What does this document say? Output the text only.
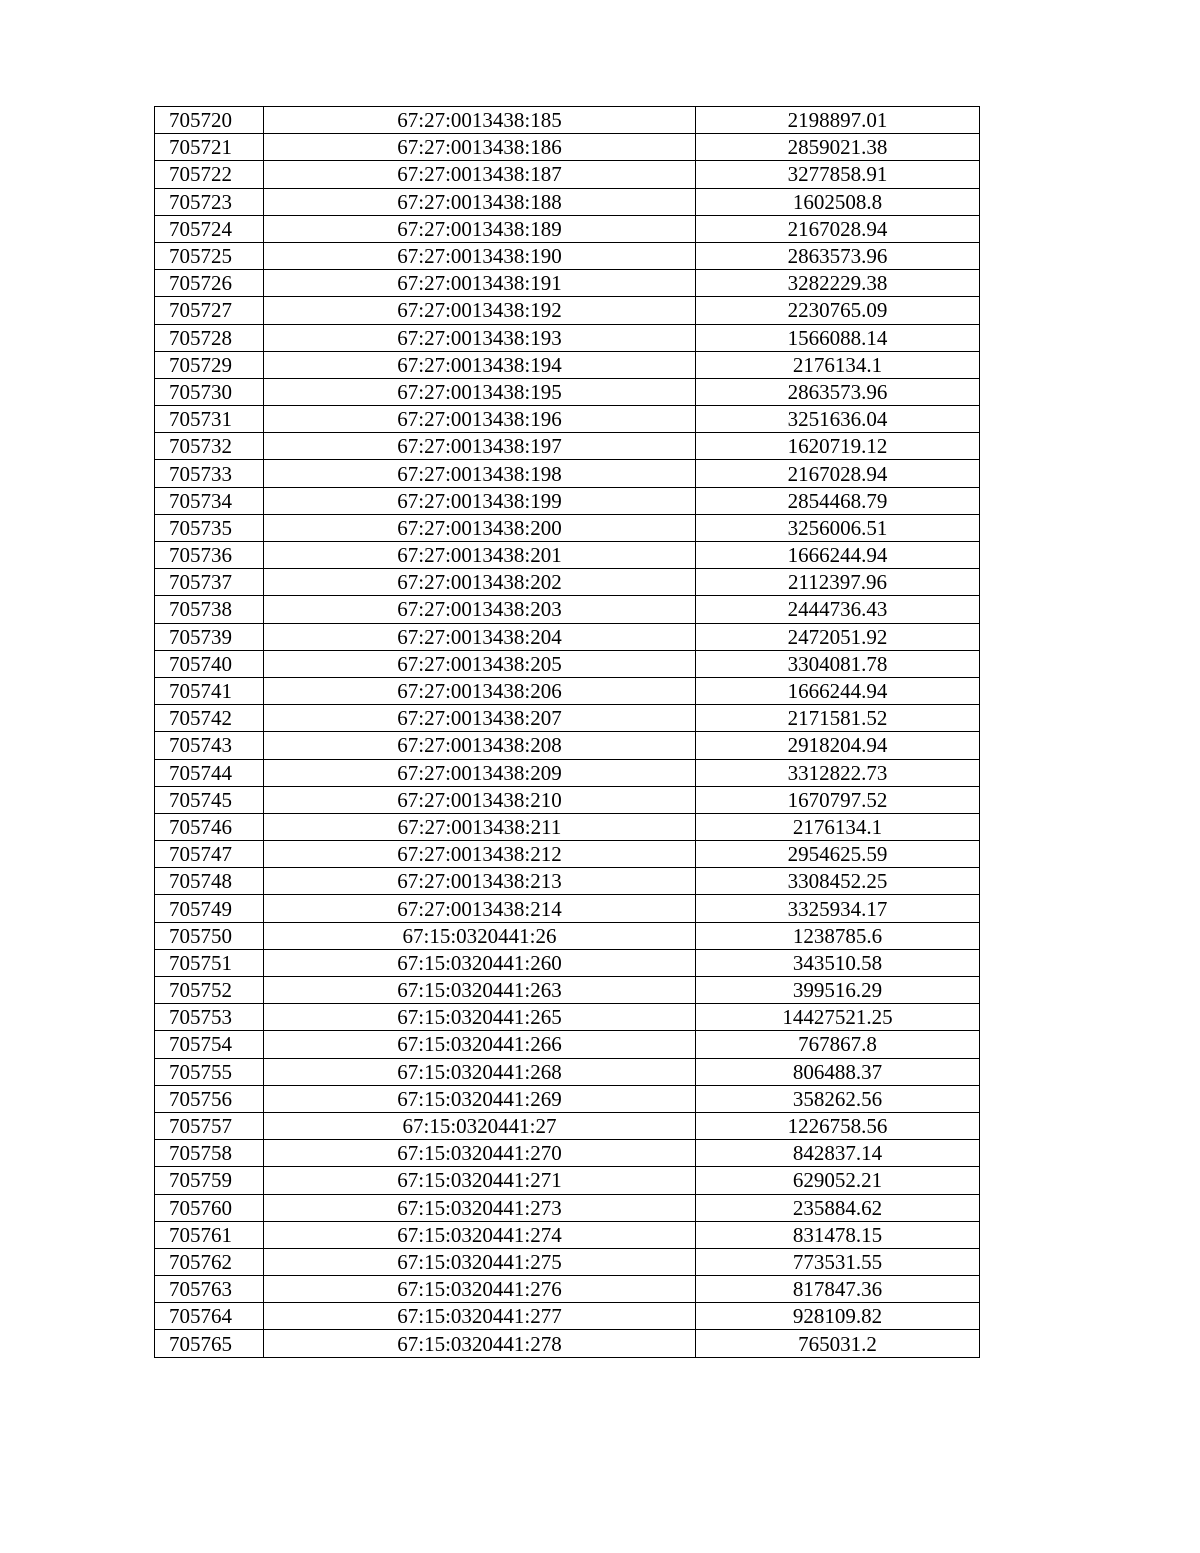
705720	67:27:0013438:185	2198897.01
705721	67:27:0013438:186	2859021.38
705722	67:27:0013438:187	3277858.91
705723	67:27:0013438:188	1602508.8
705724	67:27:0013438:189	2167028.94
705725	67:27:0013438:190	2863573.96
705726	67:27:0013438:191	3282229.38
705727	67:27:0013438:192	2230765.09
705728	67:27:0013438:193	1566088.14
705729	67:27:0013438:194	2176134.1
705730	67:27:0013438:195	2863573.96
705731	67:27:0013438:196	3251636.04
705732	67:27:0013438:197	1620719.12
705733	67:27:0013438:198	2167028.94
705734	67:27:0013438:199	2854468.79
705735	67:27:0013438:200	3256006.51
705736	67:27:0013438:201	1666244.94
705737	67:27:0013438:202	2112397.96
705738	67:27:0013438:203	2444736.43
705739	67:27:0013438:204	2472051.92
705740	67:27:0013438:205	3304081.78
705741	67:27:0013438:206	1666244.94
705742	67:27:0013438:207	2171581.52
705743	67:27:0013438:208	2918204.94
705744	67:27:0013438:209	3312822.73
705745	67:27:0013438:210	1670797.52
705746	67:27:0013438:211	2176134.1
705747	67:27:0013438:212	2954625.59
705748	67:27:0013438:213	3308452.25
705749	67:27:0013438:214	3325934.17
705750	67:15:0320441:26	1238785.6
705751	67:15:0320441:260	343510.58
705752	67:15:0320441:263	399516.29
705753	67:15:0320441:265	14427521.25
705754	67:15:0320441:266	767867.8
705755	67:15:0320441:268	806488.37
705756	67:15:0320441:269	358262.56
705757	67:15:0320441:27	1226758.56
705758	67:15:0320441:270	842837.14
705759	67:15:0320441:271	629052.21
705760	67:15:0320441:273	235884.62
705761	67:15:0320441:274	831478.15
705762	67:15:0320441:275	773531.55
705763	67:15:0320441:276	817847.36
705764	67:15:0320441:277	928109.82
705765	67:15:0320441:278	765031.2
